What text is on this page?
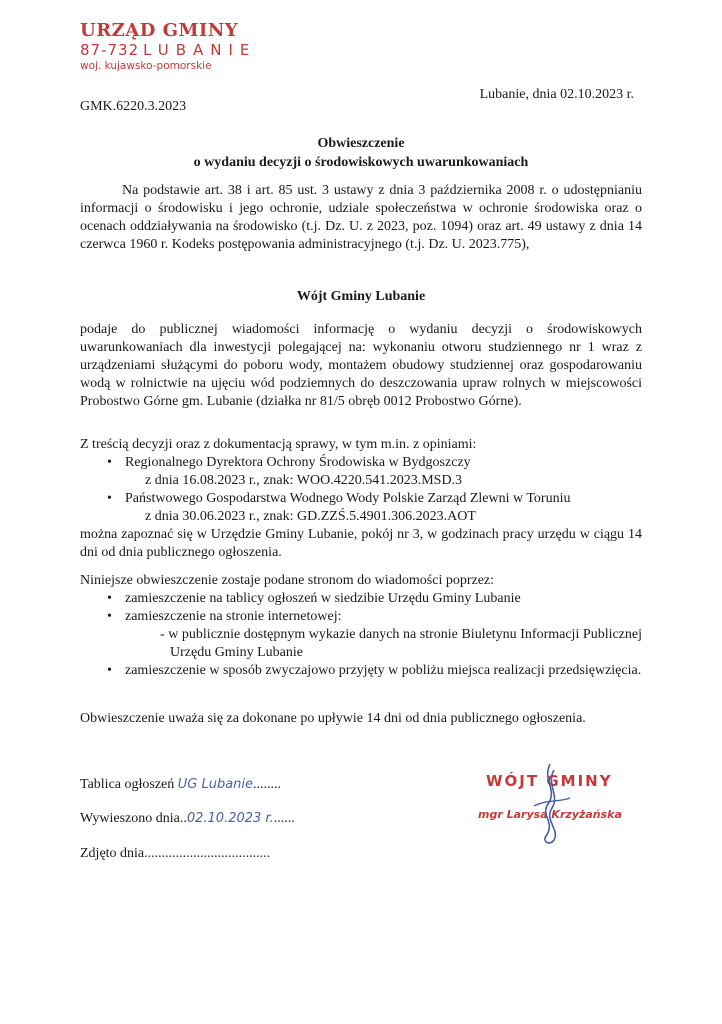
URZĄD GMINY
87-732 LUBANIE
woj. kujawsko-pomorskie
Lubanie, dnia 02.10.2023 r.
GMK.6220.3.2023
Obwieszczenie
o wydaniu decyzji o środowiskowych uwarunkowaniach
Na podstawie art. 38 i art. 85 ust. 3 ustawy z dnia 3 października 2008 r. o udostępnianiu informacji o środowisku i jego ochronie, udziale społeczeństwa w ochronie środowiska oraz o ocenach oddziaływania na środowisko (t.j. Dz. U. z 2023, poz. 1094) oraz art. 49 ustawy z dnia 14 czerwca 1960 r. Kodeks postępowania administracyjnego (t.j. Dz. U. 2023.775),
Wójt Gminy Lubanie
podaje do publicznej wiadomości informację o wydaniu decyzji o środowiskowych uwarunkowaniach dla inwestycji polegającej na: wykonaniu otworu studziennego nr 1 wraz z urządzeniami służącymi do poboru wody, montażem obudowy studziennej oraz gospodarowaniu wodą w rolnictwie na ujęciu wód podziemnych do deszczowania upraw rolnych w miejscowości Probostwo Górne gm. Lubanie (działka nr 81/5 obręb 0012 Probostwo Górne).
Z treścią decyzji oraz z dokumentacją sprawy, w tym m.in. z opiniami:
• Regionalnego Dyrektora Ochrony Środowiska w Bydgoszczy
z dnia 16.08.2023 r., znak: WOO.4220.541.2023.MSD.3
• Państwowego Gospodarstwa Wodnego Wody Polskie Zarząd Zlewni w Toruniu
z dnia 30.06.2023 r., znak: GD.ZZŚ.5.4901.306.2023.AOT
można zapoznać się w Urzędzie Gminy Lubanie, pokój nr 3, w godzinach pracy urzędu w ciągu 14 dni od dnia publicznego ogłoszenia.
Niniejsze obwieszczenie zostaje podane stronom do wiadomości poprzez:
• zamieszczenie na tablicy ogłoszeń w siedzibie Urzędu Gminy Lubanie
• zamieszczenie na stronie internetowej:
- w publicznie dostępnym wykazie danych na stronie Biuletynu Informacji Publicznej Urzędu Gminy Lubanie
• zamieszczenie w sposób zwyczajowo przyjęty w pobliżu miejsca realizacji przedsięwzięcia.
Obwieszczenie uważa się za dokonane po upływie 14 dni od dnia publicznego ogłoszenia.
Tablica ogłoszeń UG Lubanie........
Wywieszono dnia..02.10.2023 r.......
Zdjęto dnia....................................
WÓJT GMINY
mgr Larysa Krzyżańska
